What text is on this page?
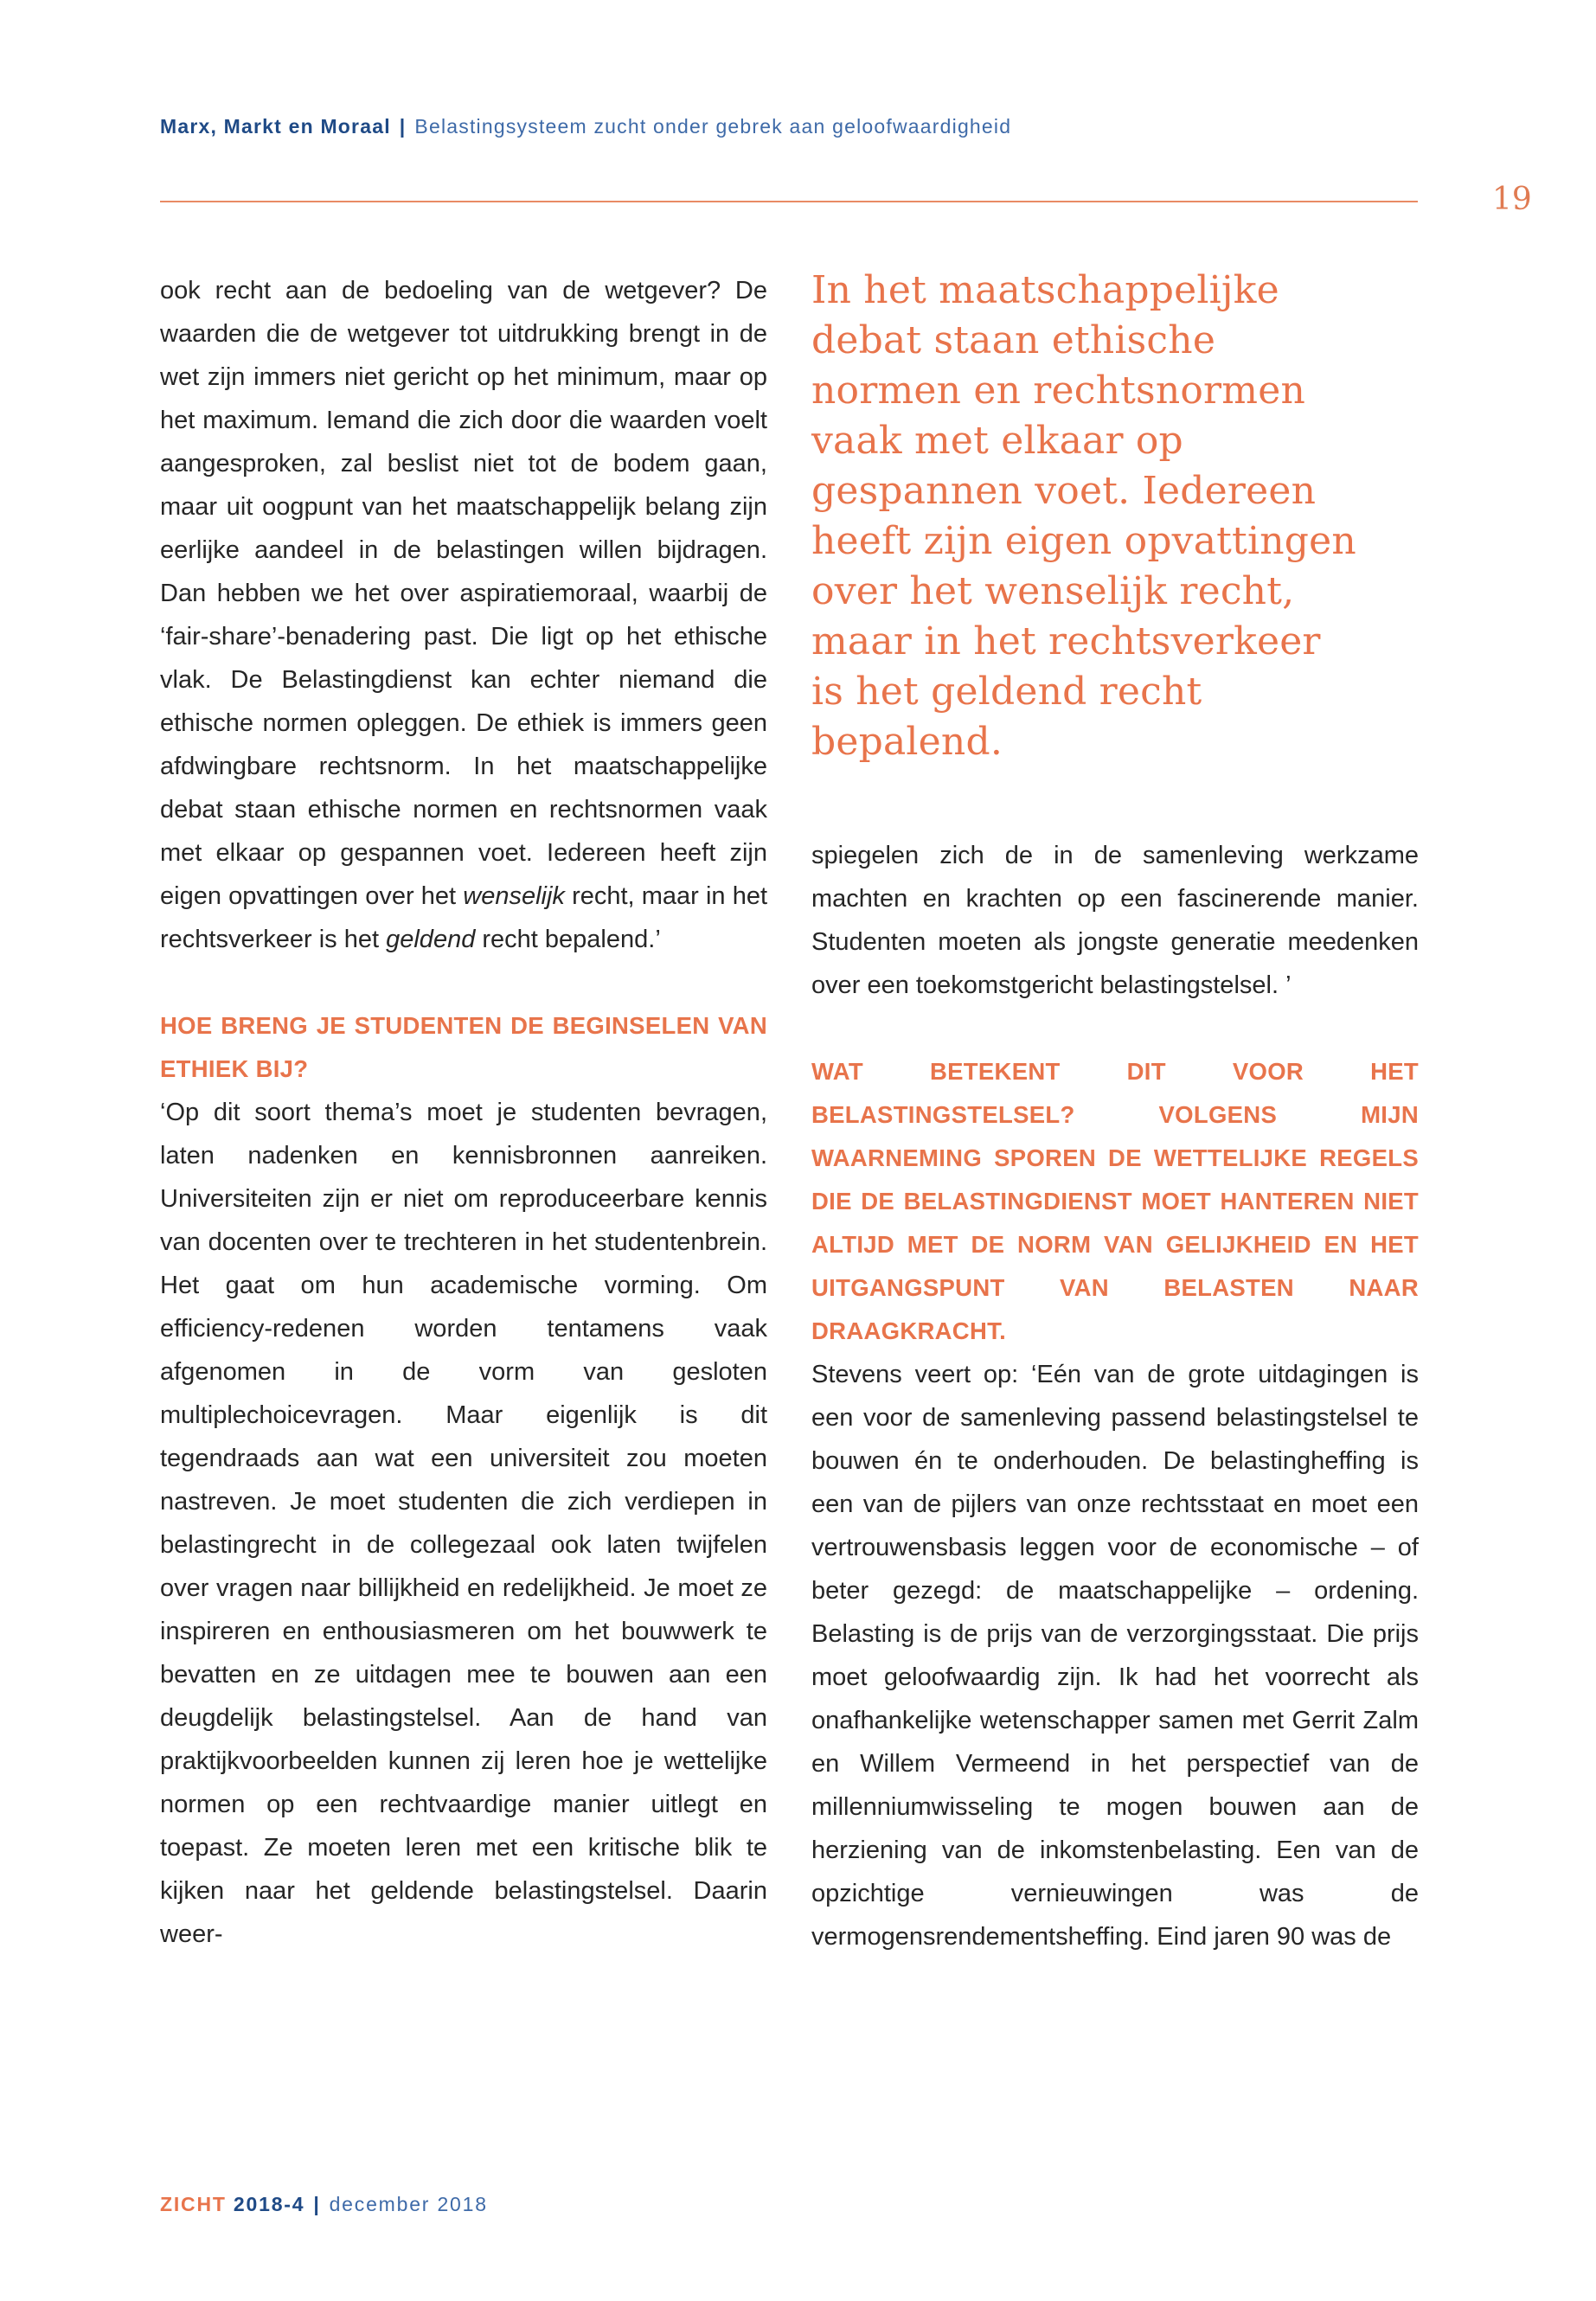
Marx, Markt en Moraal | Belastingsysteem zucht onder gebrek aan geloofwaardigheid
19

ook recht aan de bedoeling van de wetgever? De waarden die de wetgever tot uitdrukking brengt in de wet zijn immers niet gericht op het minimum, maar op het maximum. Iemand die zich door die waarden voelt aangesproken, zal beslist niet tot de bodem gaan, maar uit oogpunt van het maatschappelijk belang zijn eerlijke aandeel in de belastingen willen bijdragen. Dan hebben we het over aspiratiemoraal, waarbij de ‘fair-share’-benadering past. Die ligt op het ethische vlak. De Belastingdienst kan echter niemand die ethische normen opleggen. De ethiek is immers geen afdwingbare rechtsnorm. In het maatschappelijke debat staan ethische normen en rechtsnormen vaak met elkaar op gespannen voet. Iedereen heeft zijn eigen opvattingen over het wenselijk recht, maar in het rechtsverkeer is het geldend recht bepalend.’

HOE BRENG JE STUDENTEN DE BEGINSELEN VAN ETHIEK BIJ?

‘Op dit soort thema’s moet je studenten bevragen, laten nadenken en kennisbronnen aanreiken. Universiteiten zijn er niet om reproduceerbare kennis van docenten over te trechteren in het studentenbrein. Het gaat om hun academische vorming. Om efficiency-redenen worden tentamens vaak afgenomen in de vorm van gesloten multiplechoicevragen. Maar eigenlijk is dit tegendraads aan wat een universiteit zou moeten nastreven. Je moet studenten die zich verdiepen in belastingrecht in de collegezaal ook laten twijfelen over vragen naar billijkheid en redelijkheid. Je moet ze inspireren en enthousiasmeren om het bouwwerk te bevatten en ze uitdagen mee te bouwen aan een deugdelijk belastingstelsel. Aan de hand van praktijkvoorbeelden kunnen zij leren hoe je wettelijke normen op een rechtvaardige manier uitlegt en toepast. Ze moeten leren met een kritische blik te kijken naar het geldende belastingstelsel. Daarin weer-

In het maatschappelijke
debat staan ethische
normen en rechtsnormen
vaak met elkaar op
gespannen voet. Iedereen
heeft zijn eigen opvattingen
over het wenselijk recht,
maar in het rechtsverkeer
is het geldend recht
bepalend.

spiegelen zich de in de samenleving werkzame machten en krachten op een fascinerende manier. Studenten moeten als jongste generatie meedenken over een toekomstgericht belastingstelsel. ’

WAT BETEKENT DIT VOOR HET BELASTINGSTELSEL? VOLGENS MIJN WAARNEMING SPOREN DE WETTELIJKE REGELS DIE DE BELASTINGDIENST MOET HANTEREN NIET ALTIJD MET DE NORM VAN GELIJKHEID EN HET UITGANGSPUNT VAN BELASTEN NAAR DRAAGKRACHT.

Stevens veert op: ‘Eén van de grote uitdagingen is een voor de samenleving passend belastingstelsel te bouwen én te onderhouden. De belastingheffing is een van de pijlers van onze rechtsstaat en moet een vertrouwensbasis leggen voor de economische – of beter gezegd: de maatschappelijke – ordening. Belasting is de prijs van de verzorgingsstaat. Die prijs moet geloofwaardig zijn. Ik had het voorrecht als onafhankelijke wetenschapper samen met Gerrit Zalm en Willem Vermeend in het perspectief van de millenniumwisseling te mogen bouwen aan de herziening van de inkomstenbelasting. Een van de opzichtige vernieuwingen was de vermogensrendementsheffing. Eind jaren 90 was de

ZICHT 2018-4 | december 2018
